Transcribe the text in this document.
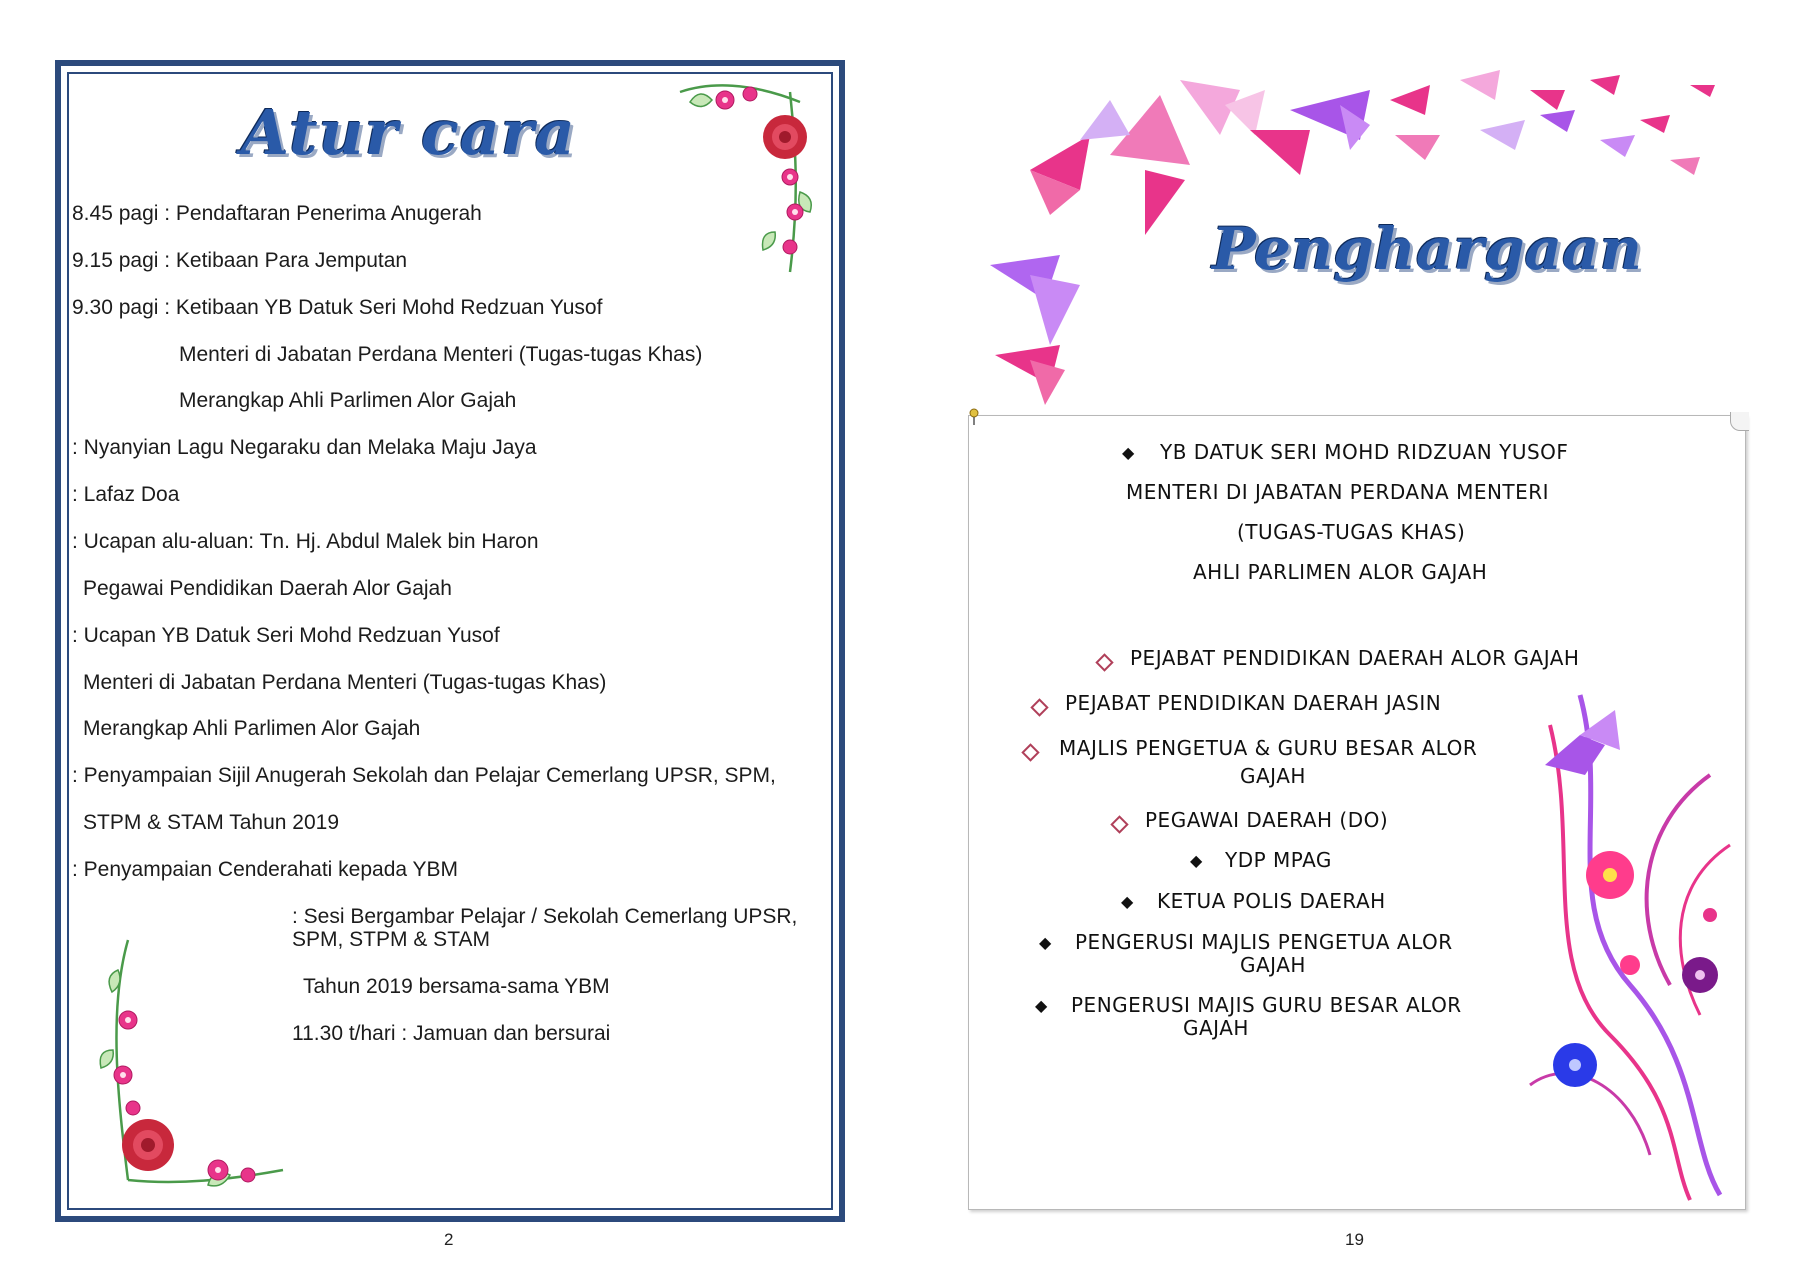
Atur cara
8.45 pagi : Pendaftaran Penerima Anugerah
9.15 pagi : Ketibaan Para Jemputan
9.30 pagi : Ketibaan YB Datuk Seri Mohd Redzuan Yusof
Menteri di Jabatan Perdana Menteri (Tugas-tugas Khas)
Merangkap Ahli Parlimen Alor Gajah
: Nyanyian Lagu Negaraku dan Melaka Maju Jaya
: Lafaz Doa
: Ucapan alu-aluan: Tn. Hj. Abdul Malek bin Haron
Pegawai Pendidikan Daerah Alor Gajah
: Ucapan YB Datuk Seri Mohd Redzuan Yusof
Menteri di Jabatan Perdana Menteri (Tugas-tugas Khas)
Merangkap Ahli Parlimen Alor Gajah
: Penyampaian Sijil Anugerah Sekolah dan Pelajar Cemerlang UPSR, SPM,
STPM & STAM Tahun 2019
: Penyampaian Cenderahati kepada YBM
: Sesi Bergambar Pelajar / Sekolah Cemerlang UPSR,
SPM, STPM & STAM
Tahun 2019 bersama-sama YBM
11.30 t/hari : Jamuan dan bersurai
2
Penghargaan
◆ YB DATUK SERI MOHD RIDZUAN YUSOF
MENTERI DI JABATAN PERDANA MENTERI
(TUGAS-TUGAS KHAS)
AHLI PARLIMEN ALOR GAJAH
PEJABAT PENDIDIKAN DAERAH ALOR GAJAH
PEJABAT PENDIDIKAN DAERAH JASIN
MAJLIS PENGETUA & GURU BESAR ALOR
GAJAH
PEGAWAI DAERAH (DO)
◆ YDP MPAG
◆ KETUA POLIS DAERAH
◆ PENGERUSI MAJLIS PENGETUA ALOR
GAJAH
◆ PENGERUSI MAJIS GURU BESAR ALOR
GAJAH
19
